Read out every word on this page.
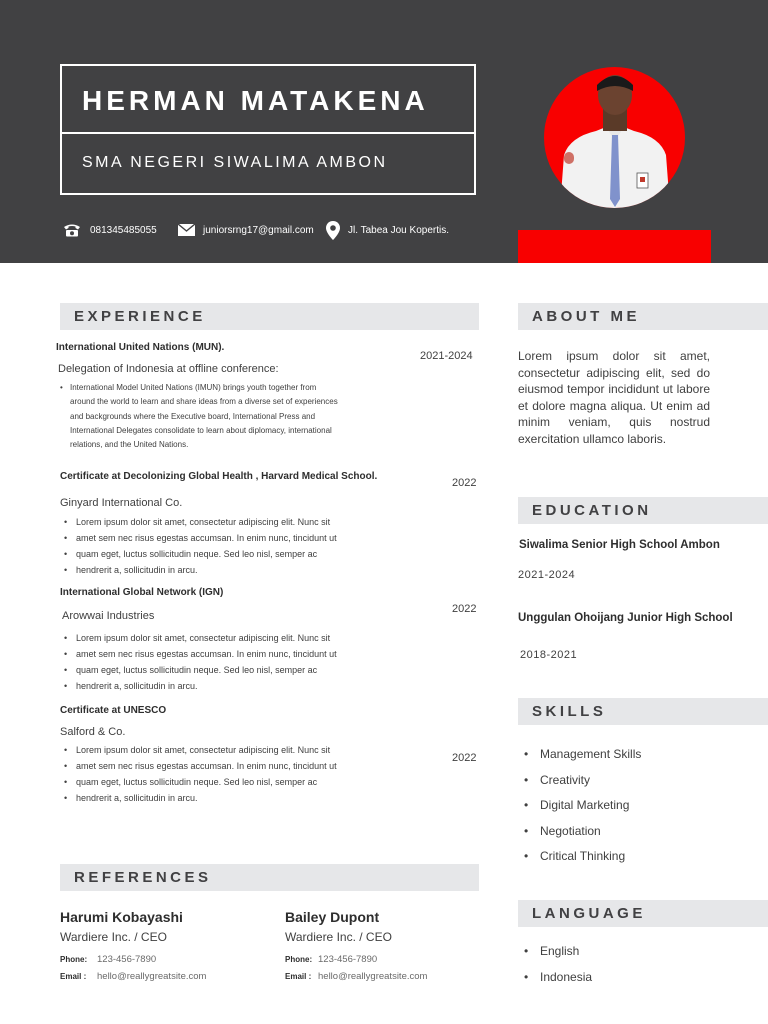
HERMAN MATAKENA
SMA NEGERI SIWALIMA AMBON
081345485055	juniorsrng17@gmail.com	Jl. Tabea Jou Kopertis.
EXPERIENCE
International United Nations (MUN).
2021-2024
Delegation of Indonesia at offline conference:
• International Model United Nations (IMUN) brings youth together from
around the world to learn and share ideas from a diverse set of experiences
and backgrounds where the Executive board, International Press and
International Delegates consolidate to learn about diplomacy, international
relations, and the United Nations.
Certificate at Decolonizing Global Health , Harvard Medical School.
2022
Ginyard International Co.
• Lorem ipsum dolor sit amet, consectetur adipiscing elit. Nunc sit
• amet sem nec risus egestas accumsan. In enim nunc, tincidunt ut
• quam eget, luctus sollicitudin neque. Sed leo nisl, semper ac
• hendrerit a, sollicitudin in arcu.
International Global Network (IGN)
2022
Arowwai Industries
• Lorem ipsum dolor sit amet, consectetur adipiscing elit. Nunc sit
• amet sem nec risus egestas accumsan. In enim nunc, tincidunt ut
• quam eget, luctus sollicitudin neque. Sed leo nisl, semper ac
• hendrerit a, sollicitudin in arcu.
Certificate at UNESCO
2022
Salford & Co.
• Lorem ipsum dolor sit amet, consectetur adipiscing elit. Nunc sit
• amet sem nec risus egestas accumsan. In enim nunc, tincidunt ut
• quam eget, luctus sollicitudin neque. Sed leo nisl, semper ac
• hendrerit a, sollicitudin in arcu.
REFERENCES
Harumi Kobayashi
Wardiere Inc. / CEO
Phone: 123-456-7890
Email : hello@reallygreatsite.com
Bailey Dupont
Wardiere Inc. / CEO
Phone: 123-456-7890
Email : hello@reallygreatsite.com
ABOUT ME
Lorem ipsum dolor sit amet, consectetur adipiscing elit, sed do eiusmod tempor incididunt ut labore et dolore magna aliqua. Ut enim ad minim veniam, quis nostrud exercitation ullamco laboris.
EDUCATION
Siwalima Senior High School Ambon
2021-2024
Unggulan Ohoijang Junior High School
2018-2021
SKILLS
• Management Skills
• Creativity
• Digital Marketing
• Negotiation
• Critical Thinking
LANGUAGE
• English
• Indonesia
